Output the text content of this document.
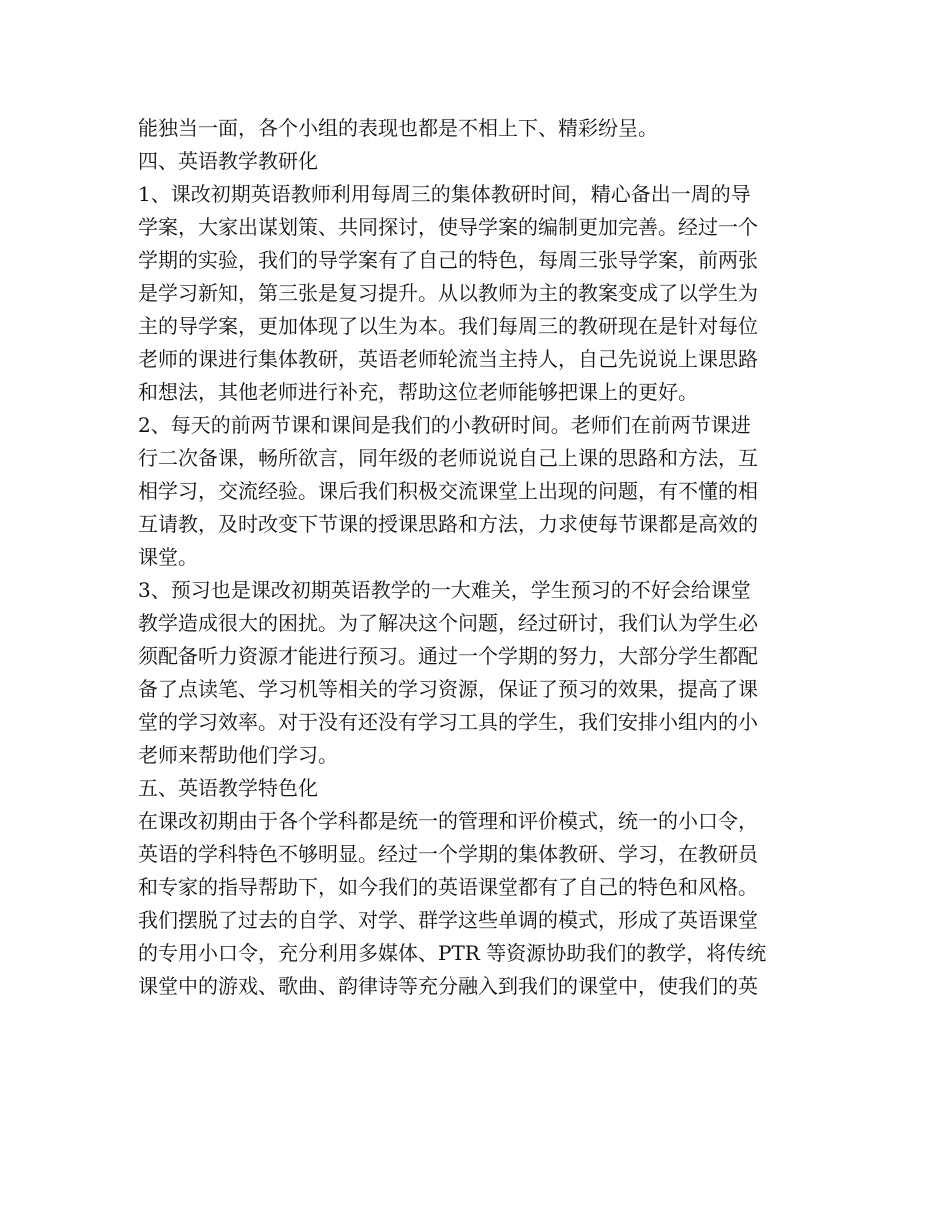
能独当一面，各个小组的表现也都是不相上下、精彩纷呈。
四、英语教学教研化
1、课改初期英语教师利用每周三的集体教研时间，精心备出一周的导
学案，大家出谋划策、共同探讨，使导学案的编制更加完善。经过一个
学期的实验，我们的导学案有了自己的特色，每周三张导学案，前两张
是学习新知，第三张是复习提升。从以教师为主的教案变成了以学生为
主的导学案，更加体现了以生为本。我们每周三的教研现在是针对每位
老师的课进行集体教研，英语老师轮流当主持人，自己先说说上课思路
和想法，其他老师进行补充，帮助这位老师能够把课上的更好。
2、每天的前两节课和课间是我们的小教研时间。老师们在前两节课进
行二次备课，畅所欲言，同年级的老师说说自己上课的思路和方法，互
相学习，交流经验。课后我们积极交流课堂上出现的问题，有不懂的相
互请教，及时改变下节课的授课思路和方法，力求使每节课都是高效的
课堂。
3、预习也是课改初期英语教学的一大难关，学生预习的不好会给课堂
教学造成很大的困扰。为了解决这个问题，经过研讨，我们认为学生必
须配备听力资源才能进行预习。通过一个学期的努力，大部分学生都配
备了点读笔、学习机等相关的学习资源，保证了预习的效果，提高了课
堂的学习效率。对于没有还没有学习工具的学生，我们安排小组内的小
老师来帮助他们学习。
五、英语教学特色化
在课改初期由于各个学科都是统一的管理和评价模式，统一的小口令，
英语的学科特色不够明显。经过一个学期的集体教研、学习，在教研员
和专家的指导帮助下，如今我们的英语课堂都有了自己的特色和风格。
我们摆脱了过去的自学、对学、群学这些单调的模式，形成了英语课堂
的专用小口令，充分利用多媒体、PTR 等资源协助我们的教学，将传统
课堂中的游戏、歌曲、韵律诗等充分融入到我们的课堂中，使我们的英
